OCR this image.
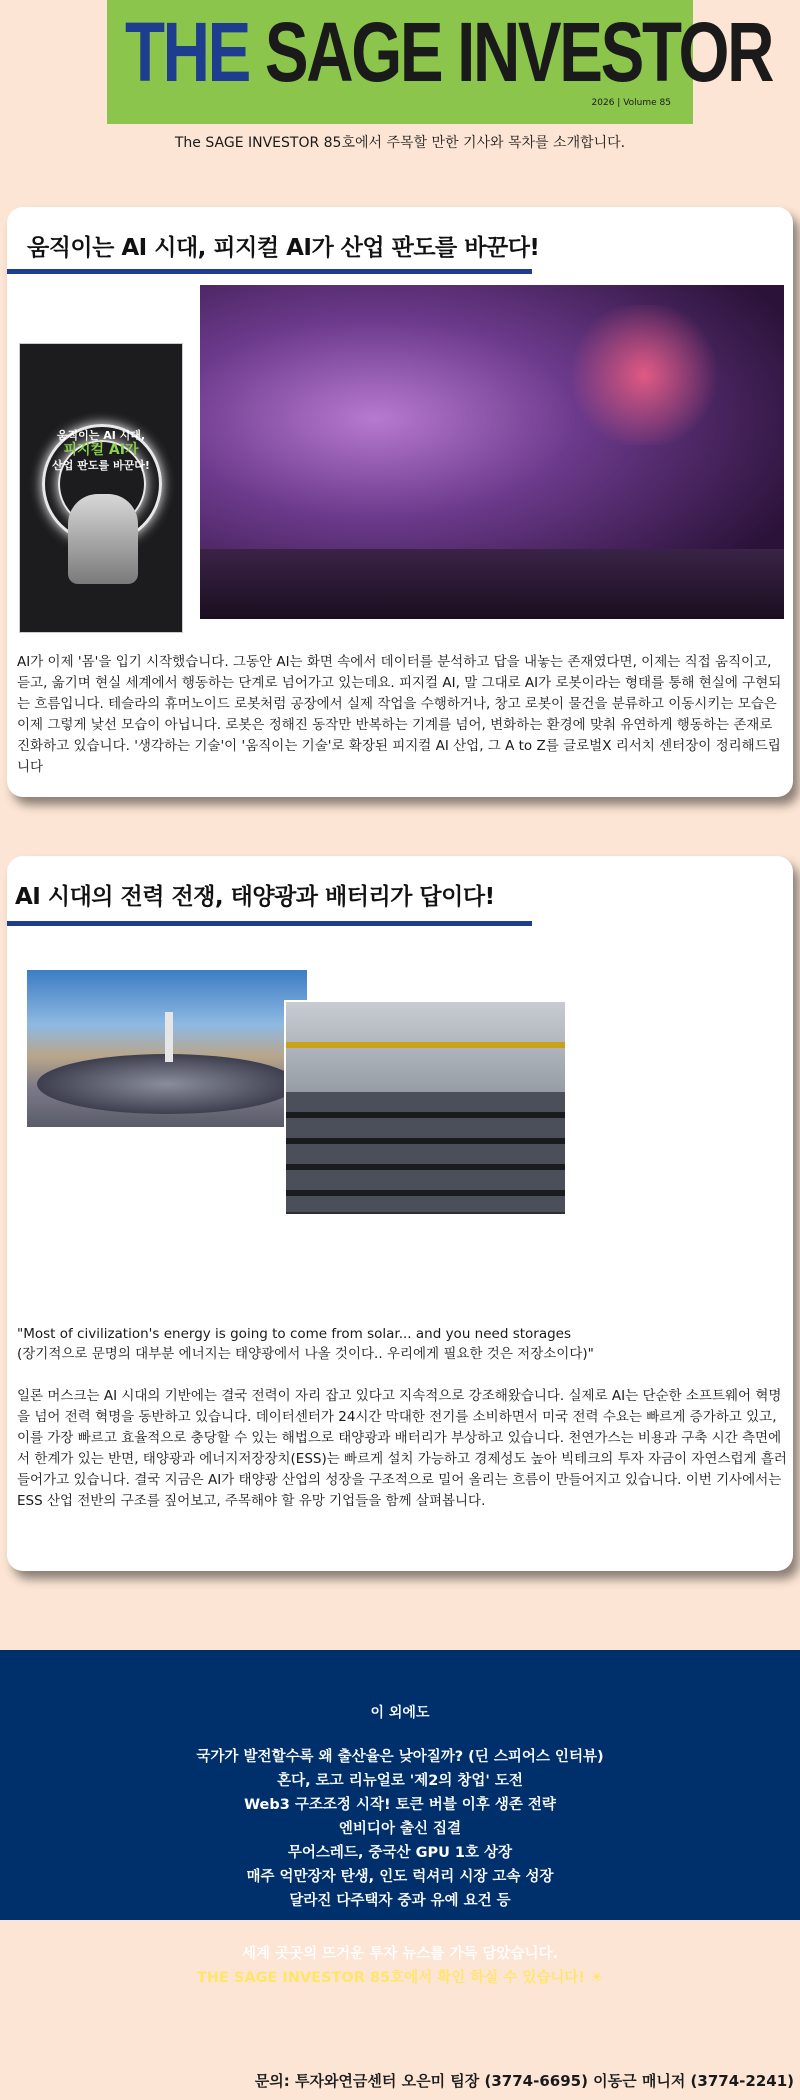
THE SAGE INVESTOR
2026 | Volume 85
The SAGE INVESTOR 85호에서 주목할 만한 기사와 목차를 소개합니다.
움직이는 AI 시대, 피지컬 AI가 산업 판도를 바꾼다!
움직이는 AI 시대,
피지컬 AI가
산업 판도를 바꾼다!
AI가 이제 '몸'을 입기 시작했습니다. 그동안 AI는 화면 속에서 데이터를 분석하고 답을 내놓는 존재였다면, 이제는 직접 움직이고, 듣고, 옮기며 현실 세계에서 행동하는 단계로 넘어가고 있는데요. 피지컬 AI, 말 그대로 AI가 로봇이라는 형태를 통해 현실에 구현되는 흐름입니다. 테슬라의 휴머노이드 로봇처럼 공장에서 실제 작업을 수행하거나, 창고 로봇이 물건을 분류하고 이동시키는 모습은 이제 그렇게 낯선 모습이 아닙니다. 로봇은 정해진 동작만 반복하는 기계를 넘어, 변화하는 환경에 맞춰 유연하게 행동하는 존재로 진화하고 있습니다. '생각하는 기술'이 '움직이는 기술'로 확장된 피지컬 AI 산업, 그 A to Z를 글로벌X 리서치 센터장이 정리해드립니다
AI 시대의 전력 전쟁, 태양광과 배터리가 답이다!
"Most of civilization's energy is going to come from solar... and you need storages
(장기적으로 문명의 대부분 에너지는 태양광에서 나올 것이다.. 우리에게 필요한 것은 저장소이다)"
일론 머스크는 AI 시대의 기반에는 결국 전력이 자리 잡고 있다고 지속적으로 강조해왔습니다. 실제로 AI는 단순한 소프트웨어 혁명을 넘어 전력 혁명을 동반하고 있습니다. 데이터센터가 24시간 막대한 전기를 소비하면서 미국 전력 수요는 빠르게 증가하고 있고, 이를 가장 빠르고 효율적으로 충당할 수 있는 해법으로 태양광과 배터리가 부상하고 있습니다. 천연가스는 비용과 구축 시간 측면에서 한계가 있는 반면, 태양광과 에너지저장장치(ESS)는 빠르게 설치 가능하고 경제성도 높아 빅테크의 투자 자금이 자연스럽게 흘러들어가고 있습니다. 결국 지금은 AI가 태양광 산업의 성장을 구조적으로 밀어 올리는 흐름이 만들어지고 있습니다. 이번 기사에서는 ESS 산업 전반의 구조를 짚어보고, 주목해야 할 유망 기업들을 함께 살펴봅니다.
이 외에도
국가가 발전할수록 왜 출산율은 낮아질까? (딘 스피어스 인터뷰)
혼다, 로고 리뉴얼로 '제2의 창업' 도전
Web3 구조조정 시작! 토큰 버블 이후 생존 전략
엔비디아 출신 집결
무어스레드, 중국산 GPU 1호 상장
매주 억만장자 탄생, 인도 럭셔리 시장 고속 성장
달라진 다주택자 중과 유예 요건 등
세계 곳곳의 뜨거운 투자 뉴스를 가득 담았습니다.
THE SAGE INVESTOR 85호에서 확인 하실 수 있습니다! ☀
문의: 투자와연금센터 오은미 팀장 (3774-6695) 이동근 매니저 (3774-2241)
